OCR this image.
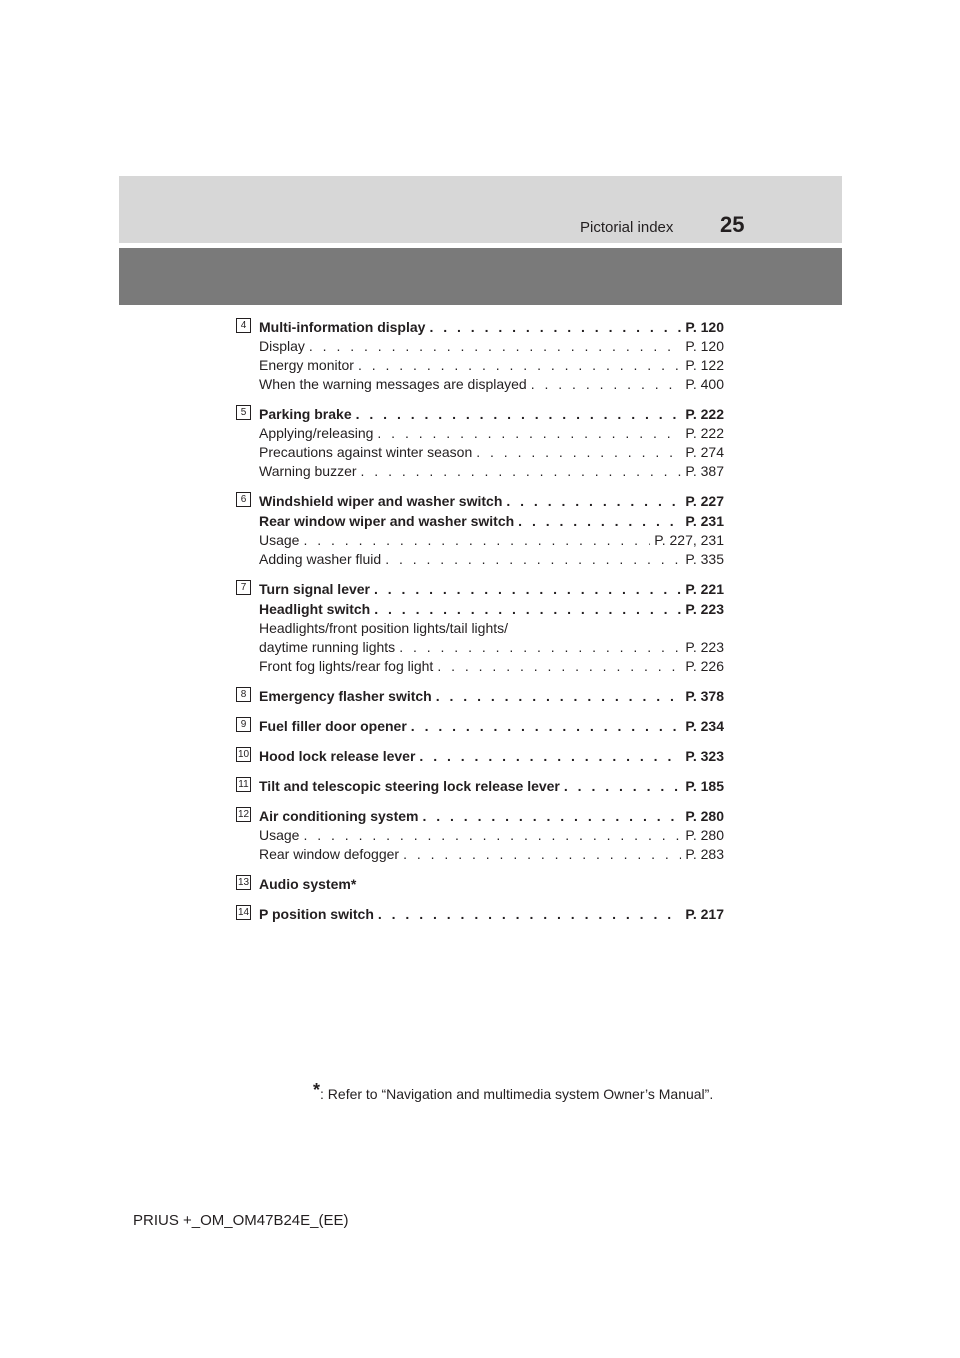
Pictorial index 25
4 Multi-information display . . .	P. 120
Display . . .	P. 120
Energy monitor . . .	P. 122
When the warning messages are displayed . . .	P. 400
5 Parking brake . . .	P. 222
Applying/releasing . . .	P. 222
Precautions against winter season . . .	P. 274
Warning buzzer . . .	P. 387
6 Windshield wiper and washer switch . . .	P. 227
Rear window wiper and washer switch . . .	P. 231
Usage . . .	P. 227, 231
Adding washer fluid . . .	P. 335
7 Turn signal lever . . .	P. 221
Headlight switch . . .	P. 223
Headlights/front position lights/tail lights/
daytime running lights . . .	P. 223
Front fog lights/rear fog light . . .	P. 226
8 Emergency flasher switch . . .	P. 378
9 Fuel filler door opener . . .	P. 234
10 Hood lock release lever . . .	P. 323
11 Tilt and telescopic steering lock release lever . . .	P. 185
12 Air conditioning system . . .	P. 280
Usage . . .	P. 280
Rear window defogger . . .	P. 283
13 Audio system *
14 P position switch . . .	P. 217
*: Refer to “Navigation and multimedia system Owner’s Manual”.
PRIUS +_OM_OM47B24E_(EE)
